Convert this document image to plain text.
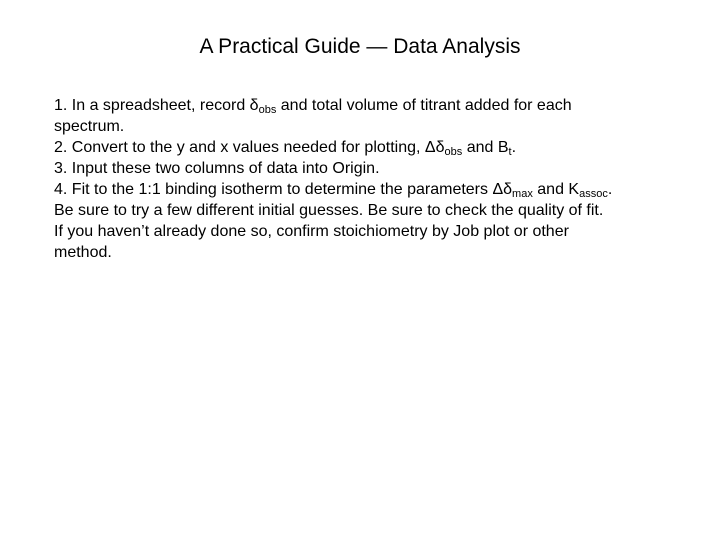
A Practical Guide — Data Analysis

1. In a spreadsheet, record $\delta_{obs}$ and total volume of titrant added for each spectrum.

2. Convert to the y and x values needed for plotting, $\Delta\delta_{obs}$ and $B_t$.

3. Input these two columns of data into Origin.

4. Fit to the 1:1 binding isotherm to determine the parameters $\Delta\delta_{max}$ and $K_{assoc}$. Be sure to try a few different initial guesses. Be sure to check the quality of fit. If you haven’t already done so, confirm stoichiometry by Job plot or other method.
